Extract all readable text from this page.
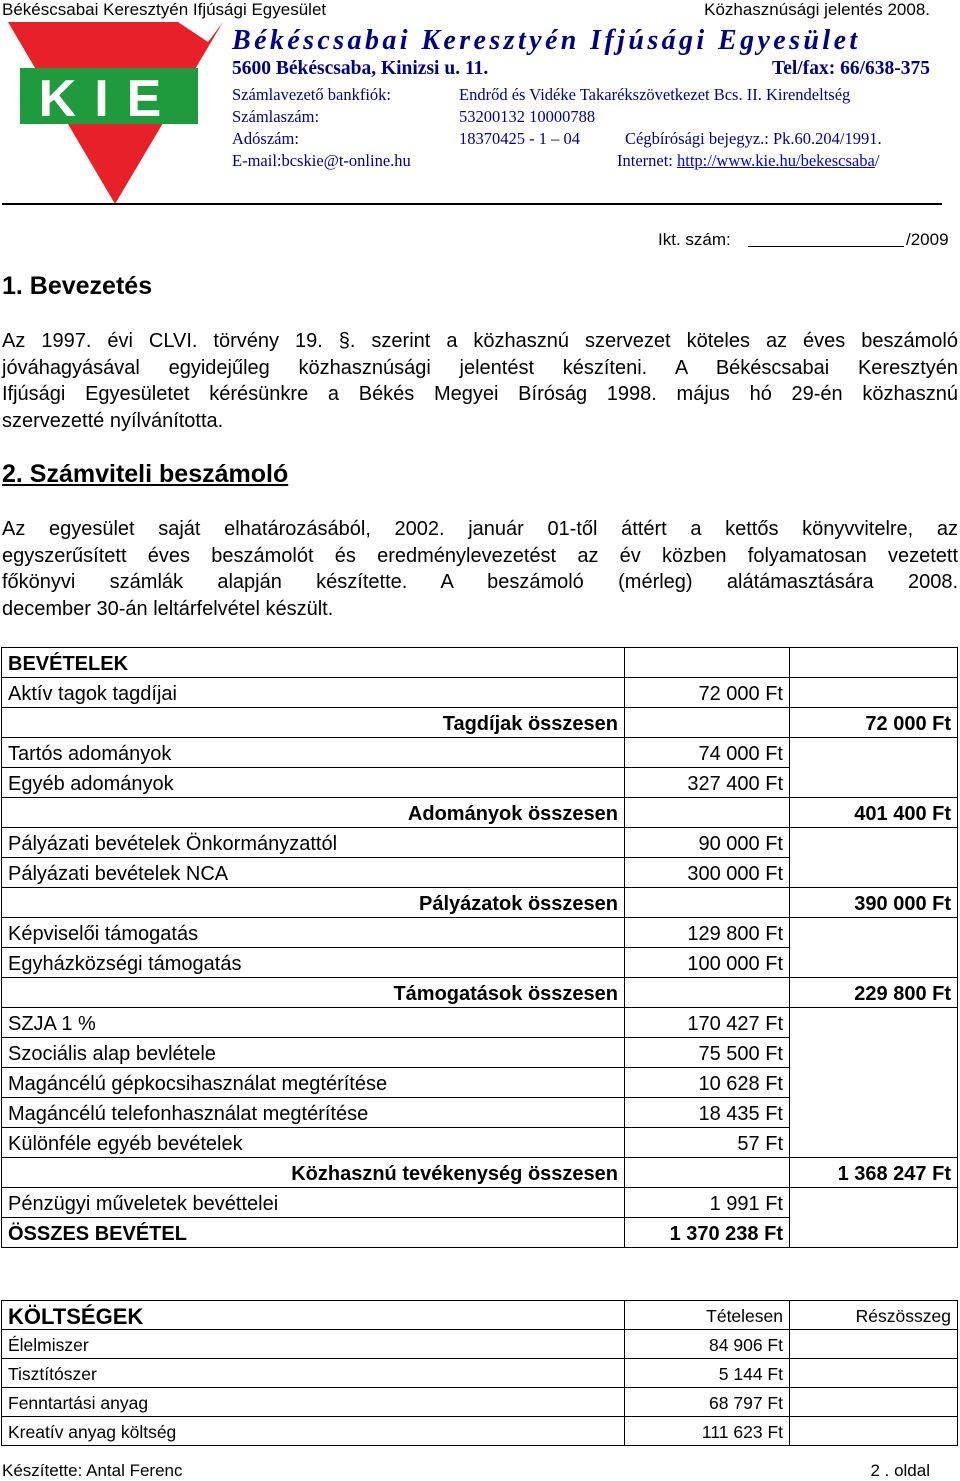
Békéscsabai Keresztyén Ifjúsági Egyesület	Közhasznúsági jelentés 2008.
KIE
Békéscsabai Keresztyén Ifjúsági Egyesület
5600 Békéscsaba, Kinizsi u. 11.	Tel/fax: 66/638-375
Számlavezető bankfiók:	Endrőd és Vidéke Takarékszövetkezet Bcs. II. Kirendeltség
Számlaszám:	53200132 10000788
Adószám:	18370425 - 1 – 04	Cégbírósági bejegyz.: Pk.60.204/1991.
E-mail:bcskie@t-online.hu	Internet: http://www.kie.hu/bekescsaba/
Ikt. szám:	/2009
1. Bevezetés
Az 1997. évi CLVI. törvény 19. §. szerint a közhasznú szervezet köteles az éves beszámoló
jóváhagyásával egyidejűleg közhasznúsági jelentést készíteni. A Békéscsabai Keresztyén
Ifjúsági Egyesületet kérésünkre a Békés Megyei Bíróság 1998. május hó 29-én közhasznú
szervezetté nyílvánította.
2. Számviteli beszámoló
Az egyesület saját elhatározásából, 2002. január 01-től áttért a kettős könyvvitelre, az
egyszerűsített éves beszámolót és eredménylevezetést az év közben folyamatosan vezetett
főkönyvi számlák alapján készítette. A beszámoló (mérleg) alátámasztására 2008.
december 30-án leltárfelvétel készült.
BEVÉTELEK		
Aktív tagok tagdíjai	72 000 Ft	
Tagdíjak összesen		72 000 Ft
Tartós adományok	74 000 Ft	
Egyéb adományok	327 400 Ft	
Adományok összesen		401 400 Ft
Pályázati bevételek Önkormányzattól	90 000 Ft	
Pályázati bevételek NCA	300 000 Ft	
Pályázatok összesen		390 000 Ft
Képviselői támogatás	129 800 Ft	
Egyházközségi támogatás	100 000 Ft	
Támogatások összesen		229 800 Ft
SZJA 1 %	170 427 Ft	
Szociális alap bevlétele	75 500 Ft	
Magáncélú gépkocsihasználat megtérítése	10 628 Ft	
Magáncélú telefonhasználat megtérítése	18 435 Ft	
Különféle egyéb bevételek	57 Ft	
Közhasznú tevékenység összesen		1 368 247 Ft
Pénzügyi műveletek bevéttelei	1 991 Ft	
ÖSSZES BEVÉTEL	1 370 238 Ft	
KÖLTSÉGEK	Tételesen	Részösszeg
Élelmiszer	84 906 Ft	
Tisztítószer	5 144 Ft	
Fenntartási anyag	68 797 Ft	
Kreatív anyag költség	111 623 Ft	
Készítette: Antal Ferenc	2 . oldal
